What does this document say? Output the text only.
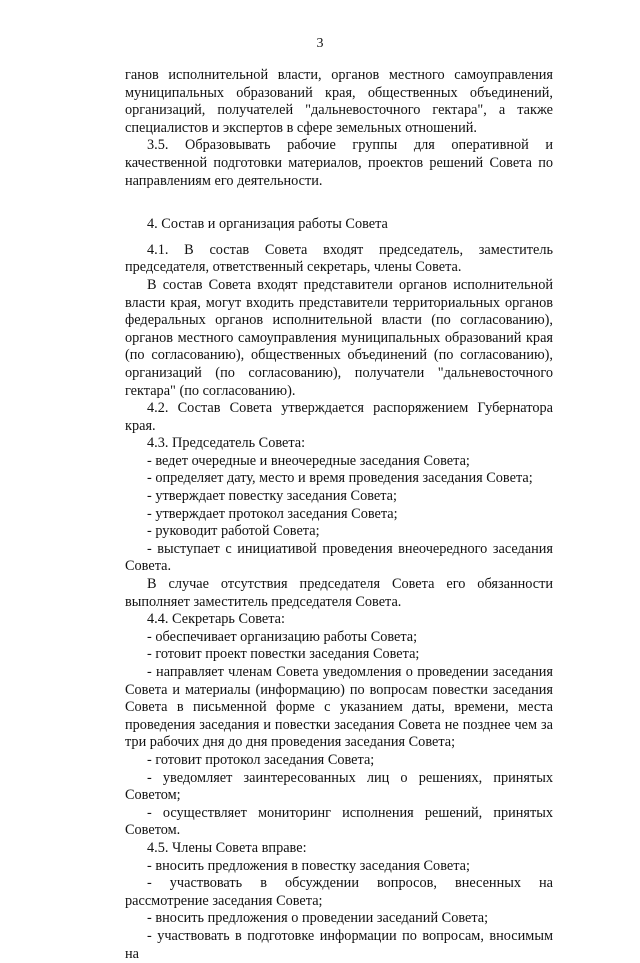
3

ганов исполнительной власти, органов местного самоуправления муниципальных образований края, общественных объединений, организаций, получателей "дальневосточного гектара", а также специалистов и экспертов в сфере земельных отношений.

3.5. Образовывать рабочие группы для оперативной и качественной подготовки материалов, проектов решений Совета по направлениям его деятельности.

4. Состав и организация работы Совета

4.1. В состав Совета входят председатель, заместитель председателя, ответственный секретарь, члены Совета.

В состав Совета входят представители органов исполнительной власти края, могут входить представители территориальных органов федеральных органов исполнительной власти (по согласованию), органов местного самоуправления муниципальных образований края (по согласованию), общественных объединений (по согласованию), организаций (по согласованию), получатели "дальневосточного гектара" (по согласованию).

4.2. Состав Совета утверждается распоряжением Губернатора края.

4.3. Председатель Совета:

- ведет очередные и внеочередные заседания Совета;

- определяет дату, место и время проведения заседания Совета;

- утверждает повестку заседания Совета;

- утверждает протокол заседания Совета;

- руководит работой Совета;

- выступает с инициативой проведения внеочередного заседания Совета.

В случае отсутствия председателя Совета его обязанности выполняет заместитель председателя Совета.

4.4. Секретарь Совета:

- обеспечивает организацию работы Совета;

- готовит проект повестки заседания Совета;

- направляет членам Совета уведомления о проведении заседания Совета и материалы (информацию) по вопросам повестки заседания Совета в письменной форме с указанием даты, времени, места проведения заседания и повестки заседания Совета не позднее чем за три рабочих дня до дня проведения заседания Совета;

- готовит протокол заседания Совета;

- уведомляет заинтересованных лиц о решениях, принятых Советом;

- осуществляет мониторинг исполнения решений, принятых Советом.

4.5. Члены Совета вправе:

- вносить предложения в повестку заседания Совета;

- участвовать в обсуждении вопросов, внесенных на рассмотрение заседания Совета;

- вносить предложения о проведении заседаний Совета;

- участвовать в подготовке информации по вопросам, вносимым на
